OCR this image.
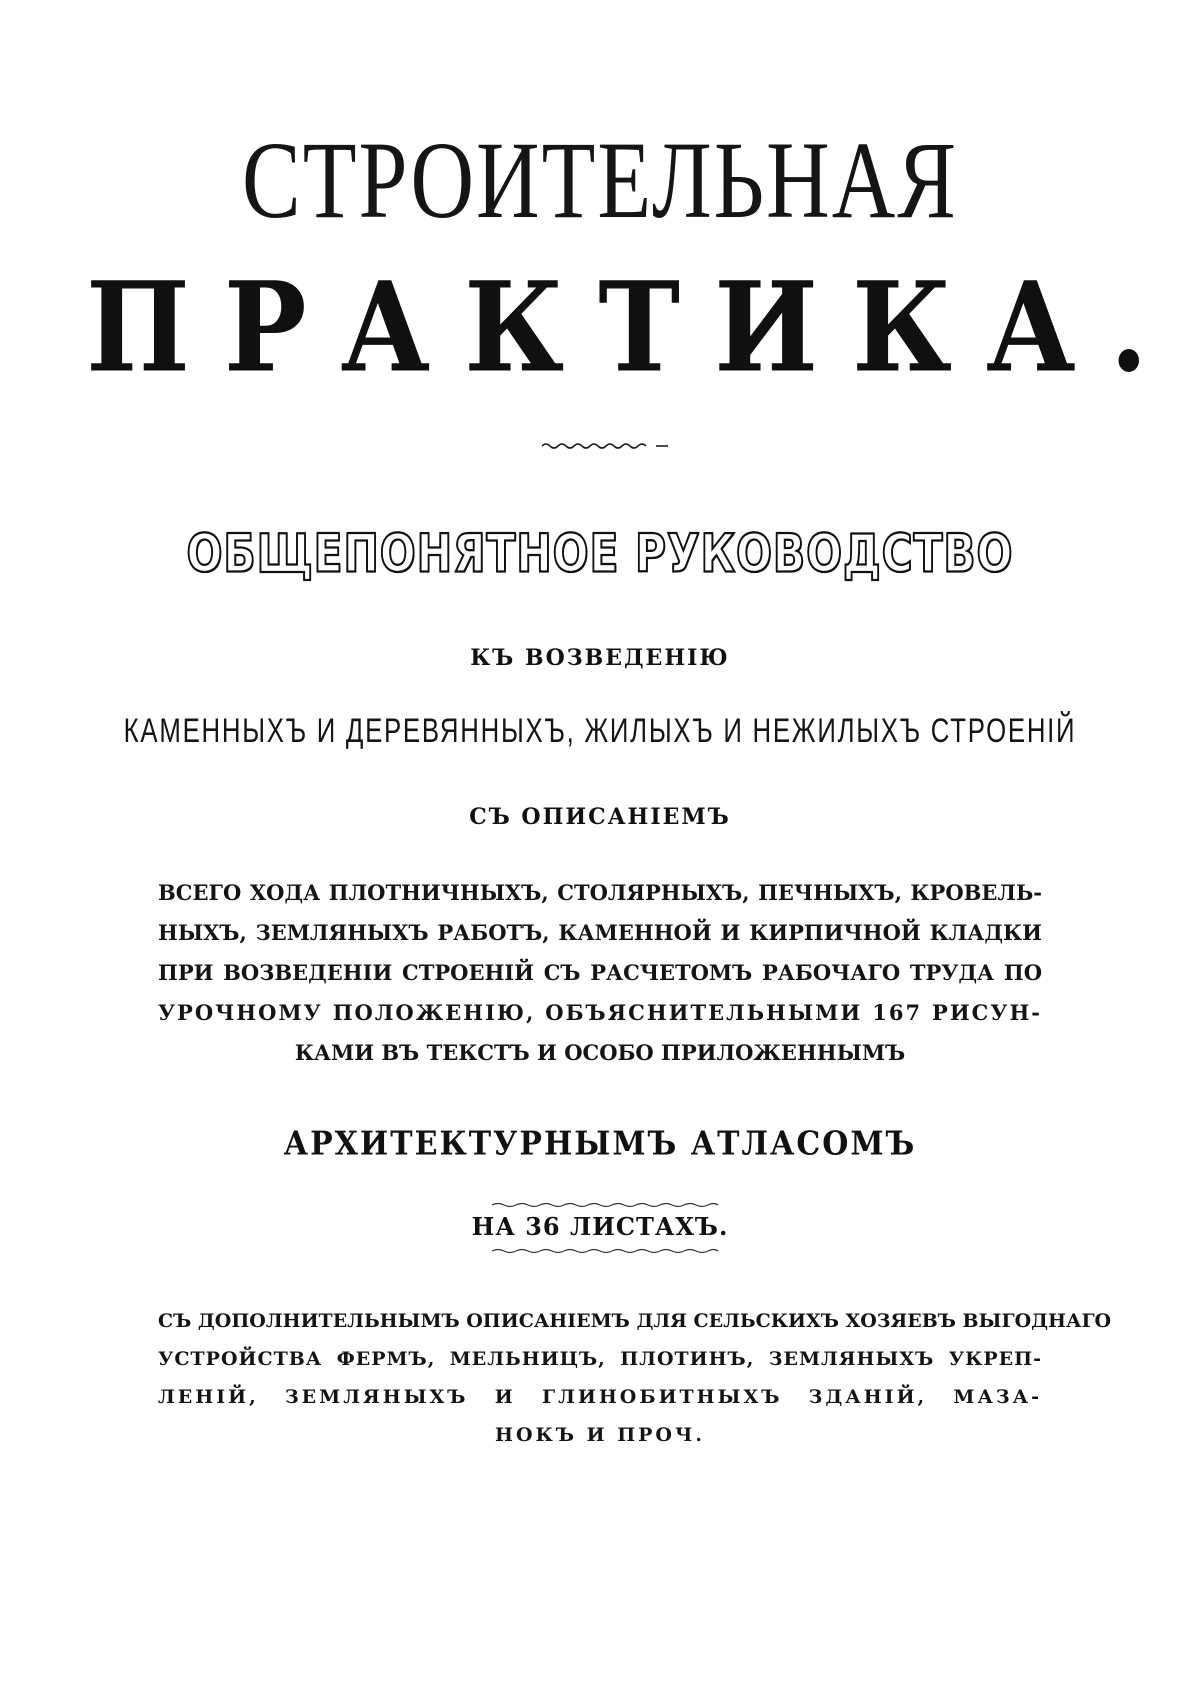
СТРОИТЕЛЬНАЯ
ПРАКТИКА.
ОБЩЕПОНЯТНОЕ РУКОВОДСТВО
КЪ ВОЗВЕДЕНІЮ
КАМЕННЫХЪ И ДЕРЕВЯННЫХЪ, ЖИЛЫХЪ И НЕЖИЛЫХЪ СТРОЕНІЙ
СЪ ОПИСАНІЕМЪ
ВСЕГО ХОДА ПЛОТНИЧНЫХЪ, СТОЛЯРНЫХЪ, ПЕЧНЫХЪ, КРОВЕЛЬ-
НЫХЪ, ЗЕМЛЯНЫХЪ РАБОТЪ, КАМЕННОЙ И КИРПИЧНОЙ КЛАДКИ
ПРИ ВОЗВЕДЕНІИ СТРОЕНІЙ СЪ РАСЧЕТОМЪ РАБОЧАГО ТРУДА ПО
УРОЧНОМУ ПОЛОЖЕНІЮ, ОБЪЯСНИТЕЛЬНЫМИ 167 РИСУН-
КАМИ ВЪ ТЕКСТЪ И ОСОБО ПРИЛОЖЕННЫМЪ
АРХИТЕКТУРНЫМЪ АТЛАСОМЪ
НА 36 ЛИСТАХЪ.
СЪ ДОПОЛНИТЕЛЬНЫМЪ ОПИСАНІЕМЪ ДЛЯ СЕЛЬСКИХЪ ХОЗЯЕВЪ ВЫГОДНАГО
УСТРОЙСТВА ФЕРМЪ, МЕЛЬНИЦЪ, ПЛОТИНЪ, ЗЕМЛЯНЫХЪ УКРЕП-
ЛЕНІЙ, ЗЕМЛЯНЫХЪ И ГЛИНОБИТНЫХЪ ЗДАНІЙ, МАЗА-
НОКЪ И ПРОЧ.
